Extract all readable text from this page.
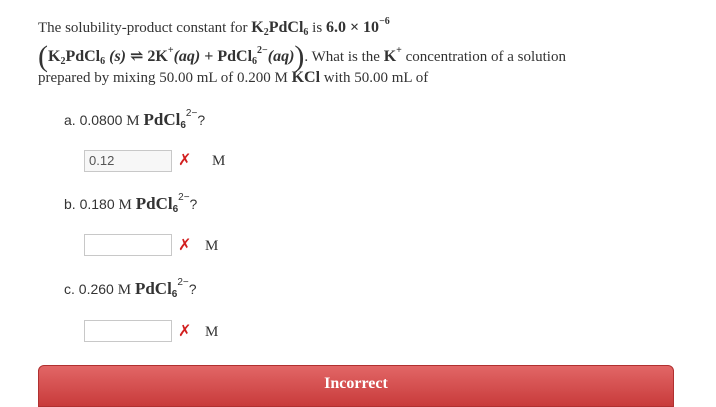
The solubility-product constant for $K_2PdCl_6$ is $6.0 \times 10^{-6}$
($K_2PdCl_6$ (s) ⇌ 2K+(aq) + PdCl$_6^{2-}$(aq)). What is the K+ concentration of a solution
prepared by mixing 50.00 mL of 0.200 M KCl with 50.00 mL of
a. 0.0800 M PdCl$_6^{2-}$?
0.12	✗ M
b. 0.180 M PdCl$_6^{2-}$?
✗ M
c. 0.260 M PdCl$_6^{2-}$?
✗ M
Incorrect
